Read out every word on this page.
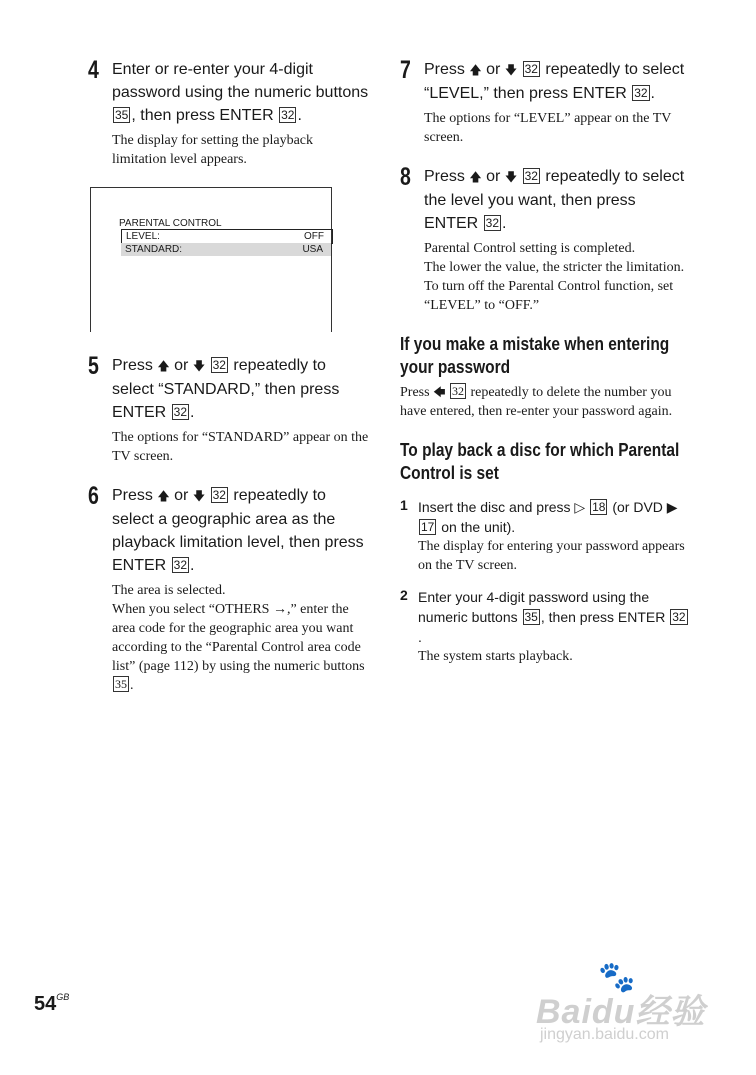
4 Enter or re-enter your 4-digit password using the numeric buttons 35 , then press ENTER 32 .
The display for setting the playback limitation level appears.
PARENTAL CONTROL
LEVEL:	OFF
STANDARD:	USA
5 Press 🡅 or 🡇 32 repeatedly to select “STANDARD,” then press ENTER 32 .
The options for “STANDARD” appear on the TV screen.
6 Press 🡅 or 🡇 32 repeatedly to select a geographic area as the playback limitation level, then press ENTER 32 .
The area is selected.
When you select “OTHERS →,” enter the area code for the geographic area you want according to the “Parental Control area code list” (page 112) by using the numeric buttons 35 .
7 Press 🡅 or 🡇 32 repeatedly to select “LEVEL,” then press ENTER 32 .
The options for “LEVEL” appear on the TV screen.
8 Press 🡅 or 🡇 32 repeatedly to select the level you want, then press ENTER 32 .
Parental Control setting is completed.
The lower the value, the stricter the limitation.
To turn off the Parental Control function, set “LEVEL” to “OFF.”
If you make a mistake when entering your password
Press 🡄 32 repeatedly to delete the number you have entered, then re-enter your password again.
To play back a disc for which Parental Control is set
1 Insert the disc and press ▷ 18 (or DVD ▶ 17 on the unit).
The display for entering your password appears on the TV screen.
2 Enter your 4-digit password using the numeric buttons 35 , then press ENTER 32.
The system starts playback.
$54^{GB}$
🐾
Baidu经验
jingyan.baidu.com
